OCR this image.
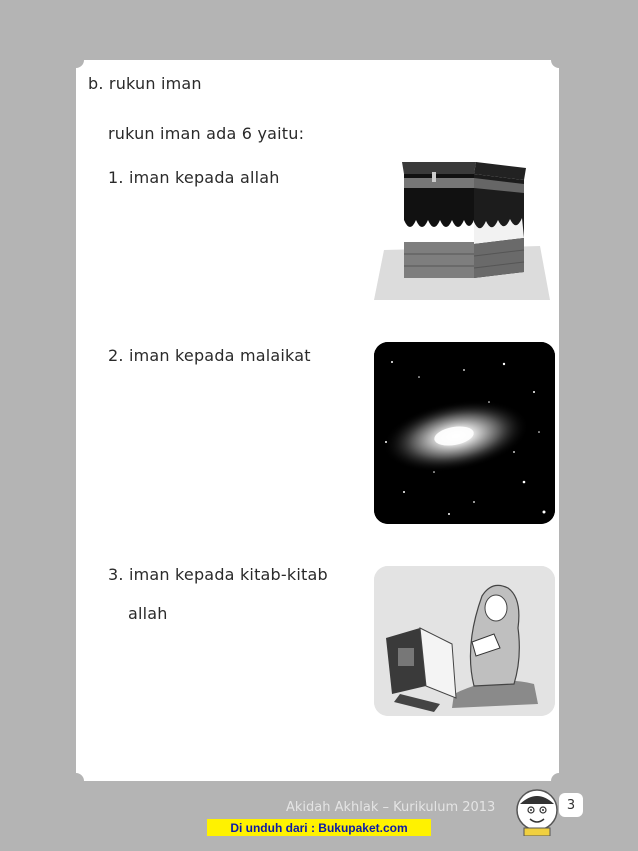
b. rukun iman
rukun iman ada 6 yaitu:
1. iman kepada allah
2. iman kepada malaikat
3. iman kepada kitab-kitab
allah
Akidah Akhlak – Kurikulum 2013	3
Di unduh dari : Bukupaket.com
